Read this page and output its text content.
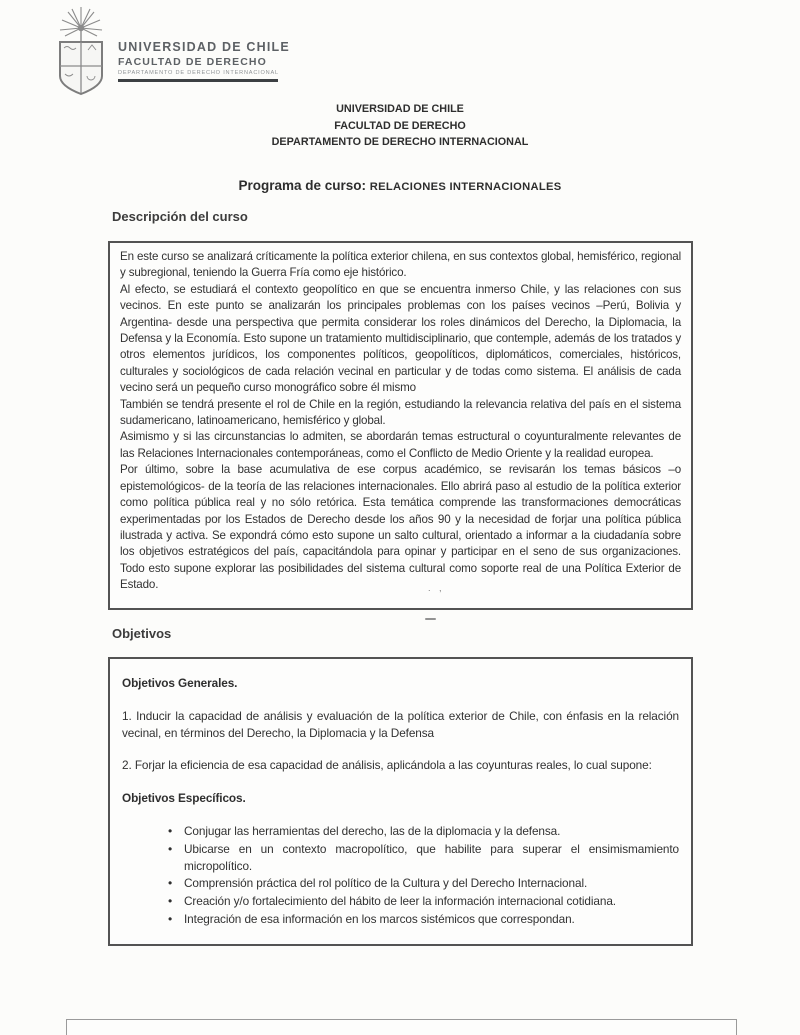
UNIVERSIDAD DE CHILE
FACULTAD DE DERECHO
DEPARTAMENTO DE DERECHO INTERNACIONAL
UNIVERSIDAD DE CHILE
FACULTAD DE DERECHO
DEPARTAMENTO DE DERECHO INTERNACIONAL
Programa de curso: RELACIONES INTERNACIONALES
Descripción del curso

En este curso se analizará críticamente la política exterior chilena, en sus contextos global, hemisférico, regional y subregional, teniendo la Guerra Fría como eje histórico.

Al efecto, se estudiará el contexto geopolítico en que se encuentra inmerso Chile, y las relaciones con sus vecinos. En este punto se analizarán los principales problemas con los países vecinos –Perú, Bolivia y Argentina- desde una perspectiva que permita considerar los roles dinámicos del Derecho, la Diplomacia, la Defensa y la Economía. Esto supone un tratamiento multidisciplinario, que contemple, además de los tratados y otros elementos jurídicos, los componentes políticos, geopolíticos, diplomáticos, comerciales, históricos, culturales y sociológicos de cada relación vecinal en particular y de todas como sistema. El análisis de cada vecino será un pequeño curso monográfico sobre él mismo

También se tendrá presente el rol de Chile en la región, estudiando la relevancia relativa del país en el sistema sudamericano, latinoamericano, hemisférico y global.

Asimismo y si las circunstancias lo admiten, se abordarán temas estructural o coyunturalmente relevantes de las Relaciones Internacionales contemporáneas, como el Conflicto de Medio Oriente y la realidad europea.

Por último, sobre la base acumulativa de ese corpus académico, se revisarán los temas básicos –o epistemológicos- de la teoría de las relaciones internacionales. Ello abrirá paso al estudio de la política exterior como política pública real y no sólo retórica. Esta temática comprende las transformaciones democráticas experimentadas por los Estados de Derecho desde los años 90 y la necesidad de forjar una política pública ilustrada y activa. Se expondrá cómo esto supone un salto cultural, orientado a informar a la ciudadanía sobre los objetivos estratégicos del país, capacitándola para opinar y participar en el seno de sus organizaciones. Todo esto supone explorar las posibilidades del sistema cultural como soporte real de una Política Exterior de Estado.	. ,
Objetivos

Objetivos Generales.

1. Inducir la capacidad de análisis y evaluación de la política exterior de Chile, con énfasis en la relación vecinal, en términos del Derecho, la Diplomacia y la Defensa

2. Forjar la eficiencia de esa capacidad de análisis, aplicándola a las coyunturas reales, lo cual supone:

Objetivos Específicos.

• Conjugar las herramientas del derecho, las de la diplomacia y la defensa.
• Ubicarse en un contexto macropolítico, que habilite para superar el ensimismamiento micropolítico.
• Comprensión práctica del rol político de la Cultura y del Derecho Internacional.
• Creación y/o fortalecimiento del hábito de leer la información internacional cotidiana.
• Integración de esa información en los marcos sistémicos que correspondan.
